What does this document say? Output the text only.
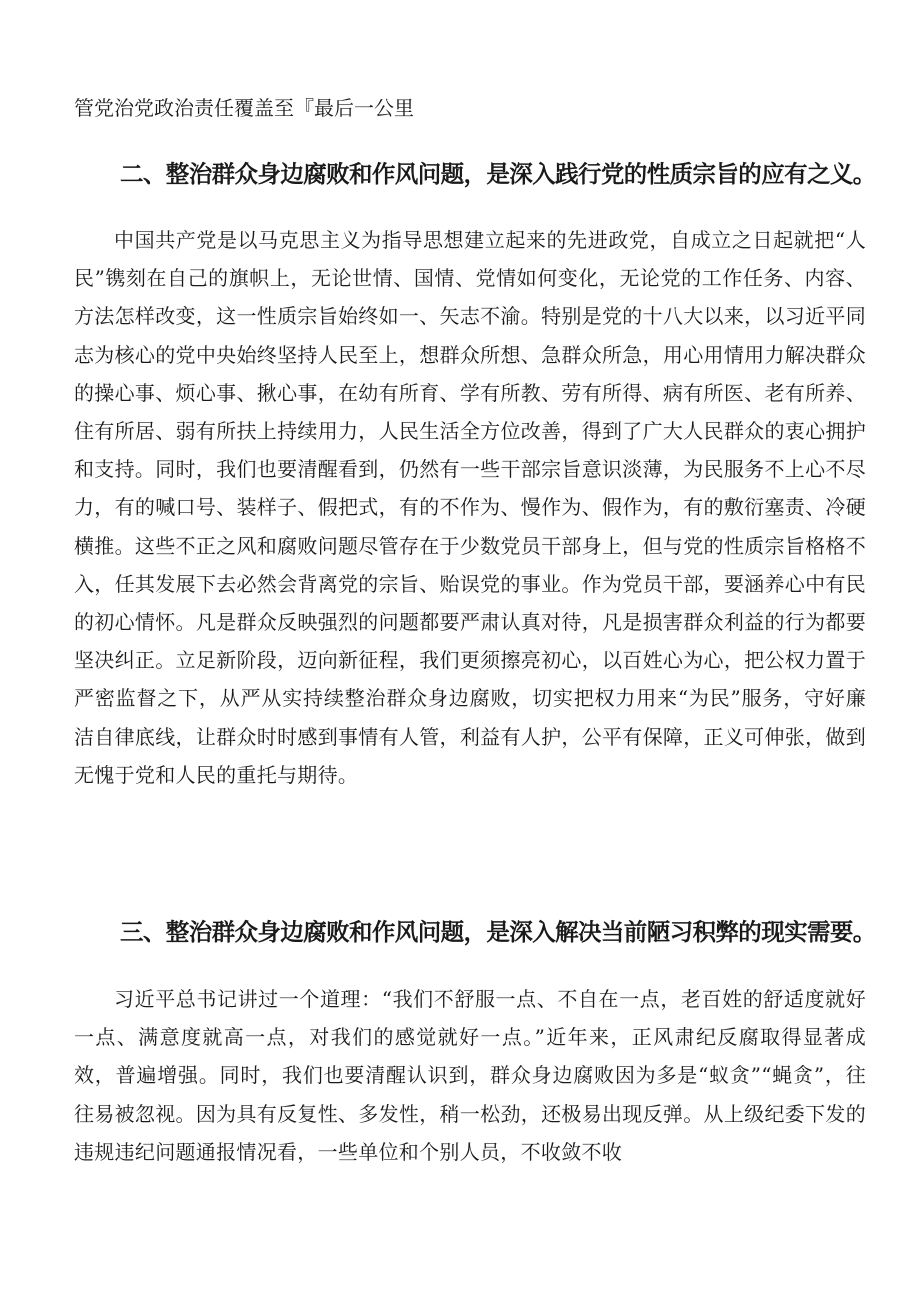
管党治党政治责任覆盖至『最后一公里
二、整治群众身边腐败和作风问题，是深入践行党的性质宗旨的应有之义。
中国共产党是以马克思主义为指导思想建立起来的先进政党，自成立之日起就把“人民”镌刻在自己的旗帜上，无论世情、国情、党情如何变化，无论党的工作任务、内容、方法怎样改变，这一性质宗旨始终如一、矢志不渝。特别是党的十八大以来，以习近平同志为核心的党中央始终坚持人民至上，想群众所想、急群众所急，用心用情用力解决群众的操心事、烦心事、揪心事，在幼有所育、学有所教、劳有所得、病有所医、老有所养、住有所居、弱有所扶上持续用力，人民生活全方位改善，得到了广大人民群众的衷心拥护和支持。同时，我们也要清醒看到，仍然有一些干部宗旨意识淡薄，为民服务不上心不尽力，有的喊口号、装样子、假把式，有的不作为、慢作为、假作为，有的敷衍塞责、冷硬横推。这些不正之风和腐败问题尽管存在于少数党员干部身上，但与党的性质宗旨格格不入，任其发展下去必然会背离党的宗旨、贻误党的事业。作为党员干部，要涵养心中有民的初心情怀。凡是群众反映强烈的问题都要严肃认真对待，凡是损害群众利益的行为都要坚决纠正。立足新阶段，迈向新征程，我们更须擦亮初心，以百姓心为心，把公权力置于严密监督之下，从严从实持续整治群众身边腐败，切实把权力用来“为民”服务，守好廉洁自律底线，让群众时时感到事情有人管，利益有人护，公平有保障，正义可伸张，做到无愧于党和人民的重托与期待。
三、整治群众身边腐败和作风问题，是深入解决当前陋习积弊的现实需要。
习近平总书记讲过一个道理：“我们不舒服一点、不自在一点，老百姓的舒适度就好一点、满意度就高一点，对我们的感觉就好一点。”近年来，正风肃纪反腐取得显著成效，普遍增强。同时，我们也要清醒认识到，群众身边腐败因为多是“蚁贪”“蝇贪”，往往易被忽视。因为具有反复性、多发性，稍一松劲，还极易出现反弹。从上级纪委下发的违规违纪问题通报情况看，一些单位和个别人员，不收敛不收
